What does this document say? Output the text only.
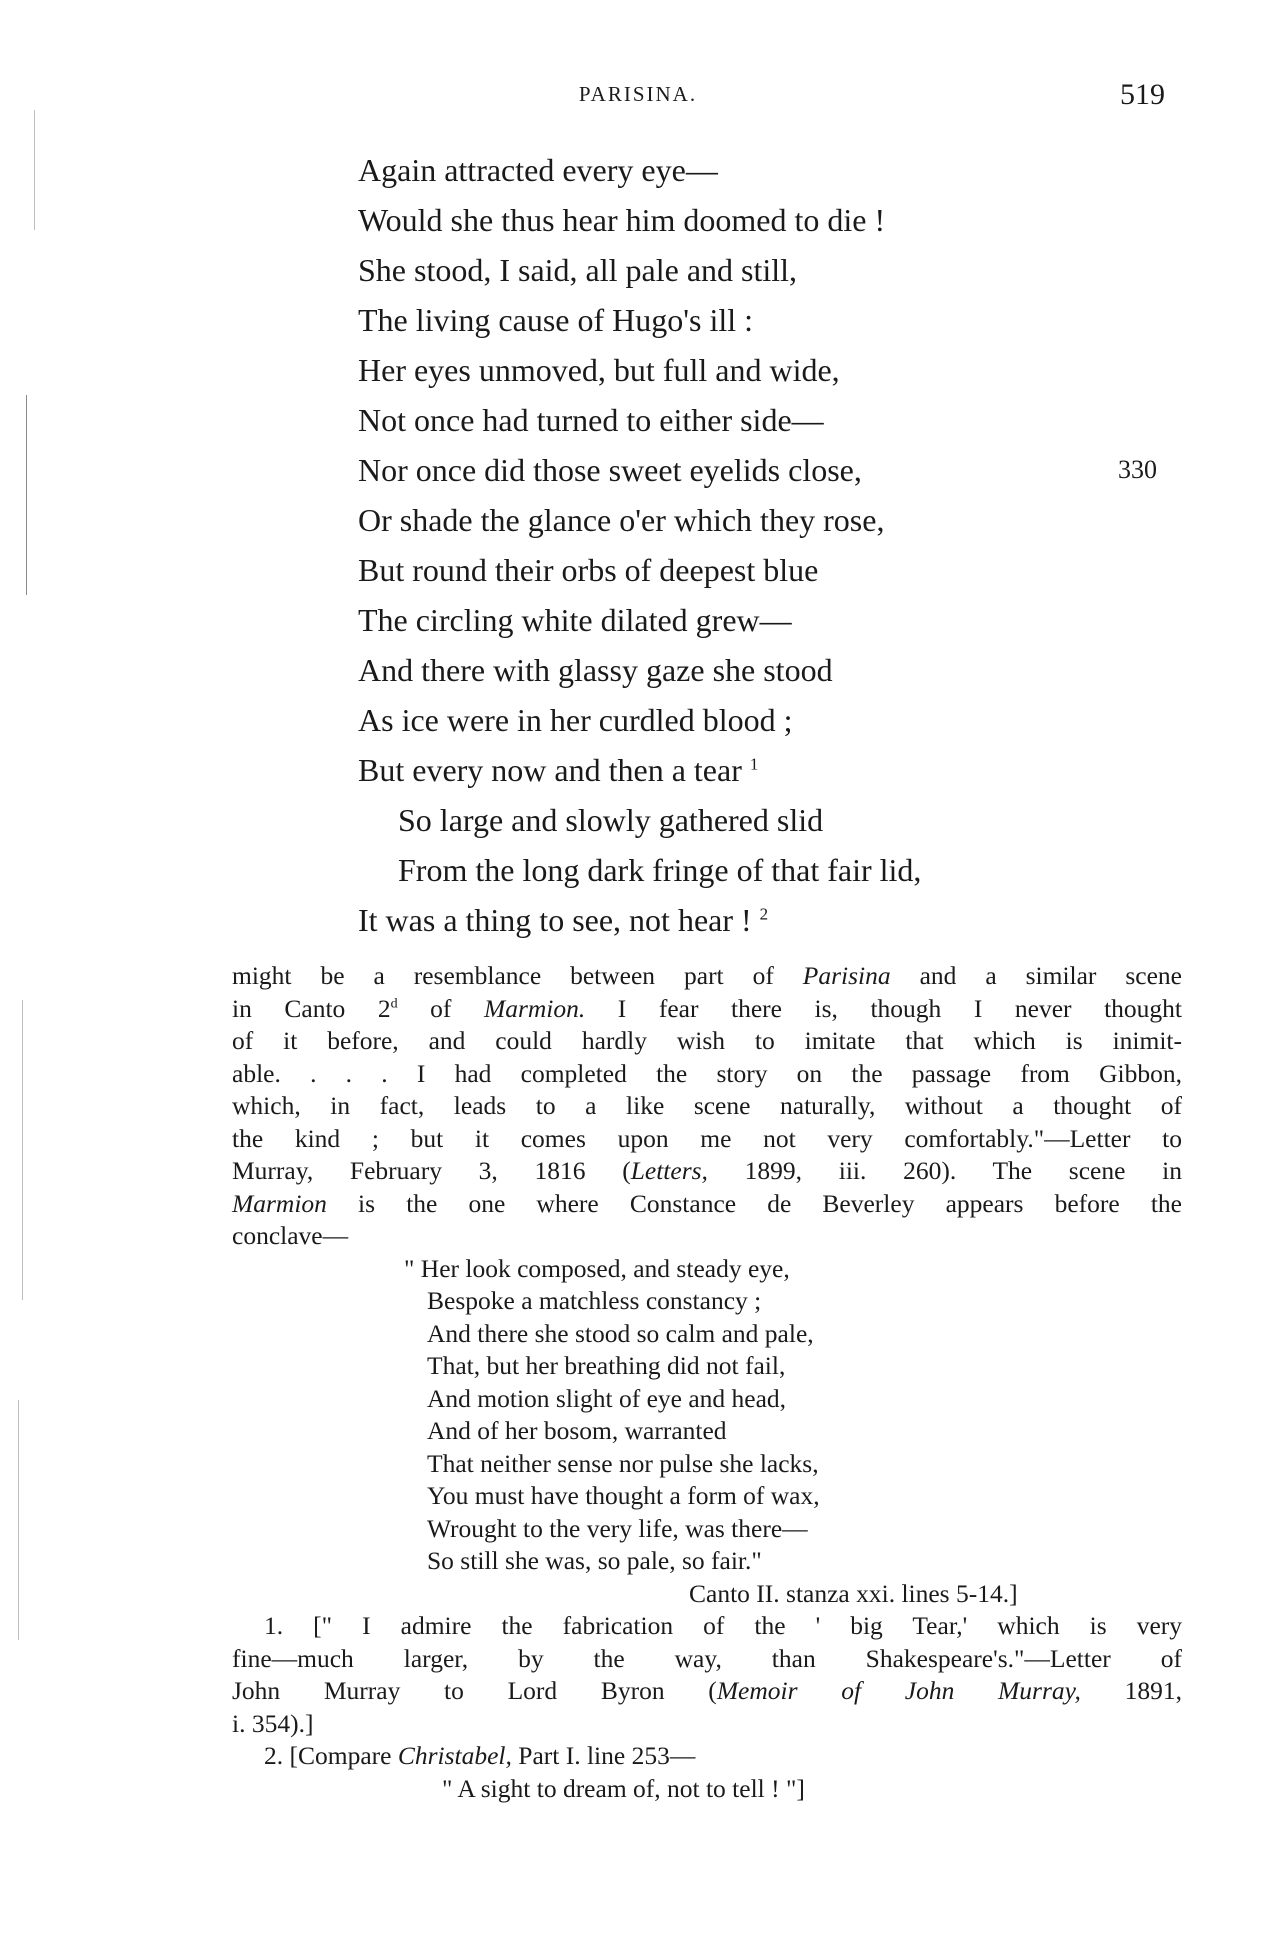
PARISINA.	519
Again attracted every eye—
Would she thus hear him doomed to die !
She stood, I said, all pale and still,
The living cause of Hugo's ill :
Her eyes unmoved, but full and wide,
Not once had turned to either side—
Nor once did those sweet eyelids close,
Or shade the glance o'er which they rose,
But round their orbs of deepest blue
The circling white dilated grew—
And there with glassy gaze she stood
As ice were in her curdled blood ;
But every now and then a tear $^1$
So large and slowly gathered slid
From the long dark fringe of that fair lid,
It was a thing to see, not hear ! $^2$
330
might be a resemblance between part of Parisina and a similar scene
in Canto 2$^d$ of Marmion. I fear there is, though I never thought
of it before, and could hardly wish to imitate that which is inimit-
able. . . . I had completed the story on the passage from Gibbon,
which, in fact, leads to a like scene naturally, without a thought of
the kind ; but it comes upon me not very comfortably."—Letter to
Murray, February 3, 1816 (Letters, 1899, iii. 260). The scene in
Marmion is the one where Constance de Beverley appears before the
conclave—
" Her look composed, and steady eye,
Bespoke a matchless constancy ;
And there she stood so calm and pale,
That, but her breathing did not fail,
And motion slight of eye and head,
And of her bosom, warranted
That neither sense nor pulse she lacks,
You must have thought a form of wax,
Wrought to the very life, was there—
So still she was, so pale, so fair."
Canto II. stanza xxi. lines 5-14.]
1. [" I admire the fabrication of the ' big Tear,' which is very
fine—much larger, by the way, than Shakespeare's."—Letter of
John Murray to Lord Byron (Memoir of John Murray, 1891,
i. 354).]
2. [Compare Christabel, Part I. line 253—
" A sight to dream of, not to tell ! "]
